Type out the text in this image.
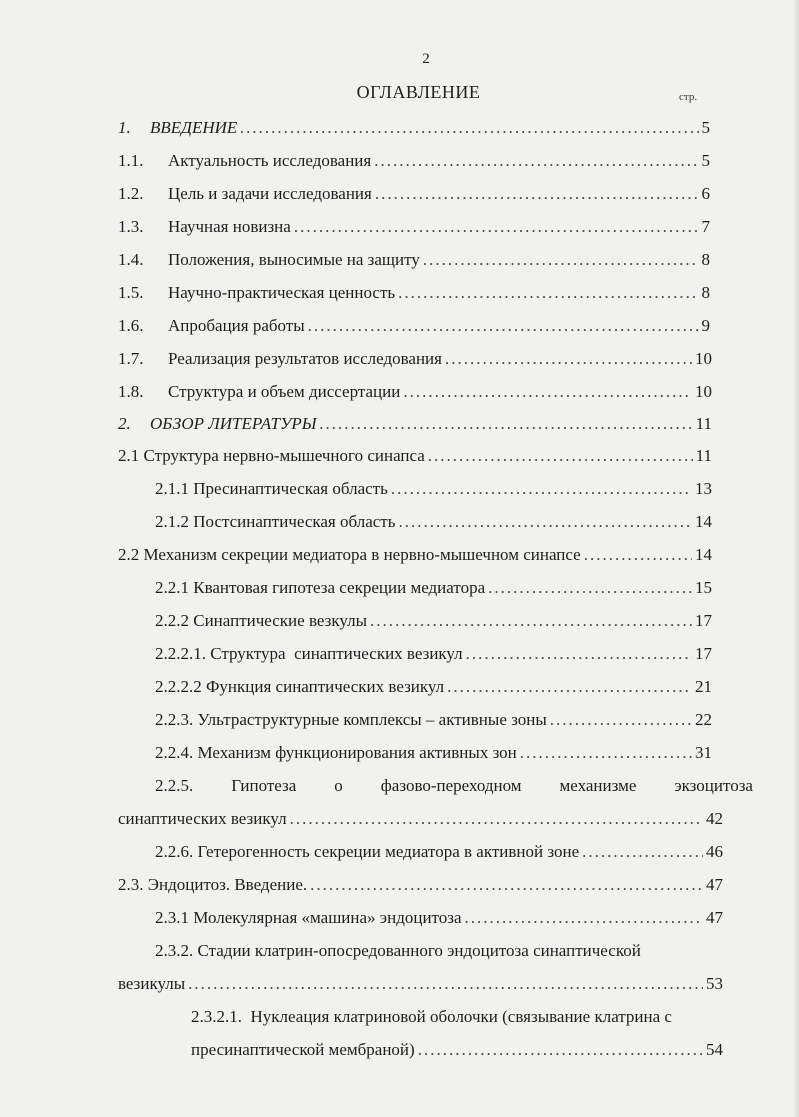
2
ОГЛАВЛЕНИЕ	стр.
1.	ВВЕДЕНИЕ .....	5
1.1.	Актуальность исследования .....	5
1.2.	Цель и задачи исследования .....	6
1.3.	Научная новизна .....	7
1.4.	Положения, выносимые на защиту .....	8
1.5.	Научно-практическая ценность .....	8
1.6.	Апробация работы .....	9
1.7.	Реализация результатов исследования .....	10
1.8.	Структура и объем диссертации .....	10
2.	ОБЗОР ЛИТЕРАТУРЫ .....	11
2.1 Структура нервно-мышечного синапса .....	11
2.1.1 Пресинаптическая область .....	13
2.1.2 Постсинаптическая область .....	14
2.2 Механизм секреции медиатора в нервно-мышечном синапсе .....	14
2.2.1 Квантовая гипотеза секреции медиатора .....	15
2.2.2 Синаптические везкулы .....	17
2.2.2.1. Структура  синаптических везикул .....	17
2.2.2.2 Функция синаптических везикул .....	21
2.2.3. Ультраструктурные комплексы – активные зоны .....	22
2.2.4. Механизм функционирования активных зон .....	31
2.2.5. Гипотеза о фазово-переходном механизме экзоцитоза
синаптических везикул .....	42
2.2.6. Гетерогенность секреции медиатора в активной зоне .....	46
2.3. Эндоцитоз. Введение. .....	47
2.3.1 Молекулярная «машина» эндоцитоза .....	47
2.3.2. Стадии клатрин-опосредованного эндоцитоза синаптической
везикулы .....	53
2.3.2.1.  Нуклеация клатриновой оболочки (связывание клатрина с
пресинаптической мембраной) .....	54
